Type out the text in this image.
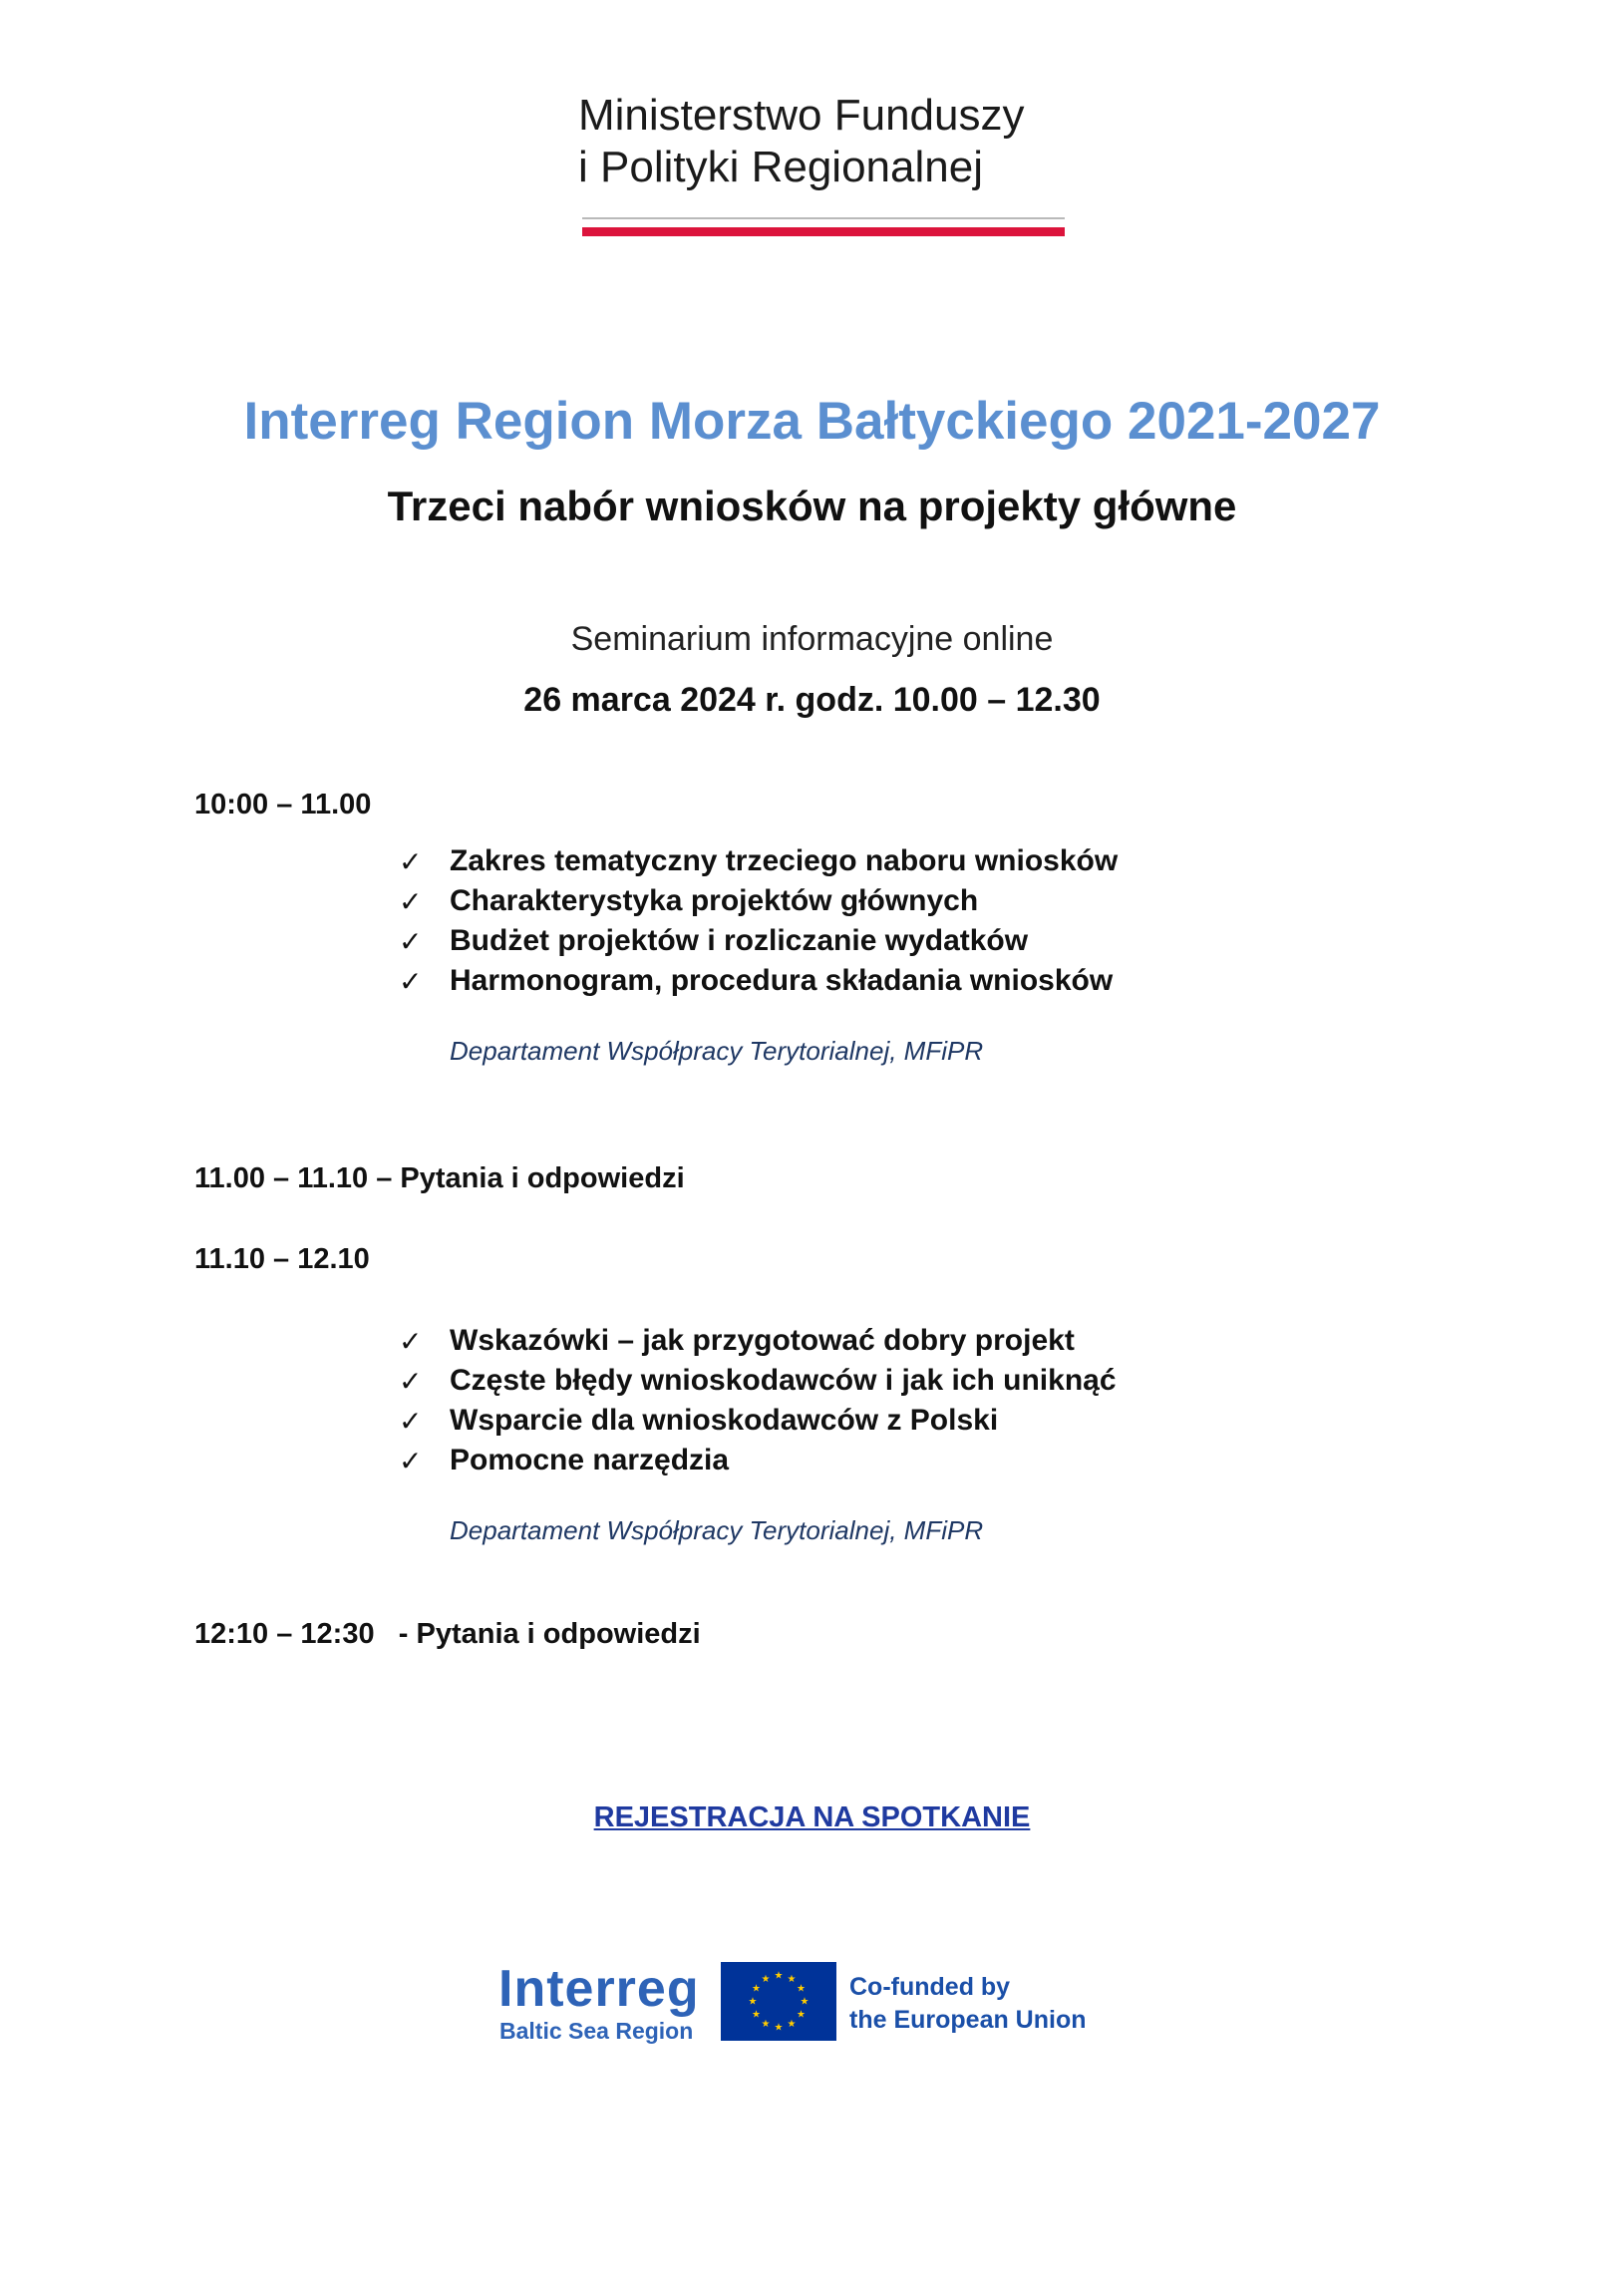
Ministerstwo Funduszy
i Polityki Regionalnej
Interreg Region Morza Bałtyckiego 2021-2027
Trzeci nabór wniosków na projekty główne
Seminarium informacyjne online
26 marca 2024 r. godz. 10.00 – 12.30
10:00 – 11.00
✓ Zakres tematyczny trzeciego naboru wniosków
✓ Charakterystyka projektów głównych
✓ Budżet projektów i rozliczanie wydatków
✓ Harmonogram, procedura składania wniosków
Departament Współpracy Terytorialnej, MFiPR
11.00 – 11.10 – Pytania i odpowiedzi
11.10 – 12.10
✓ Wskazówki – jak przygotować dobry projekt
✓ Częste błędy wnioskodawców i jak ich uniknąć
✓ Wsparcie dla wnioskodawców z Polski
✓ Pomocne narzędzia
Departament Współpracy Terytorialnej, MFiPR
12:10 – 12:30   - Pytania i odpowiedzi
REJESTRACJA NA SPOTKANIE
Interreg
Baltic Sea Region
★ ★
★
★
★
★
★
★
★
★
★
★	Co-funded by
the European Union
